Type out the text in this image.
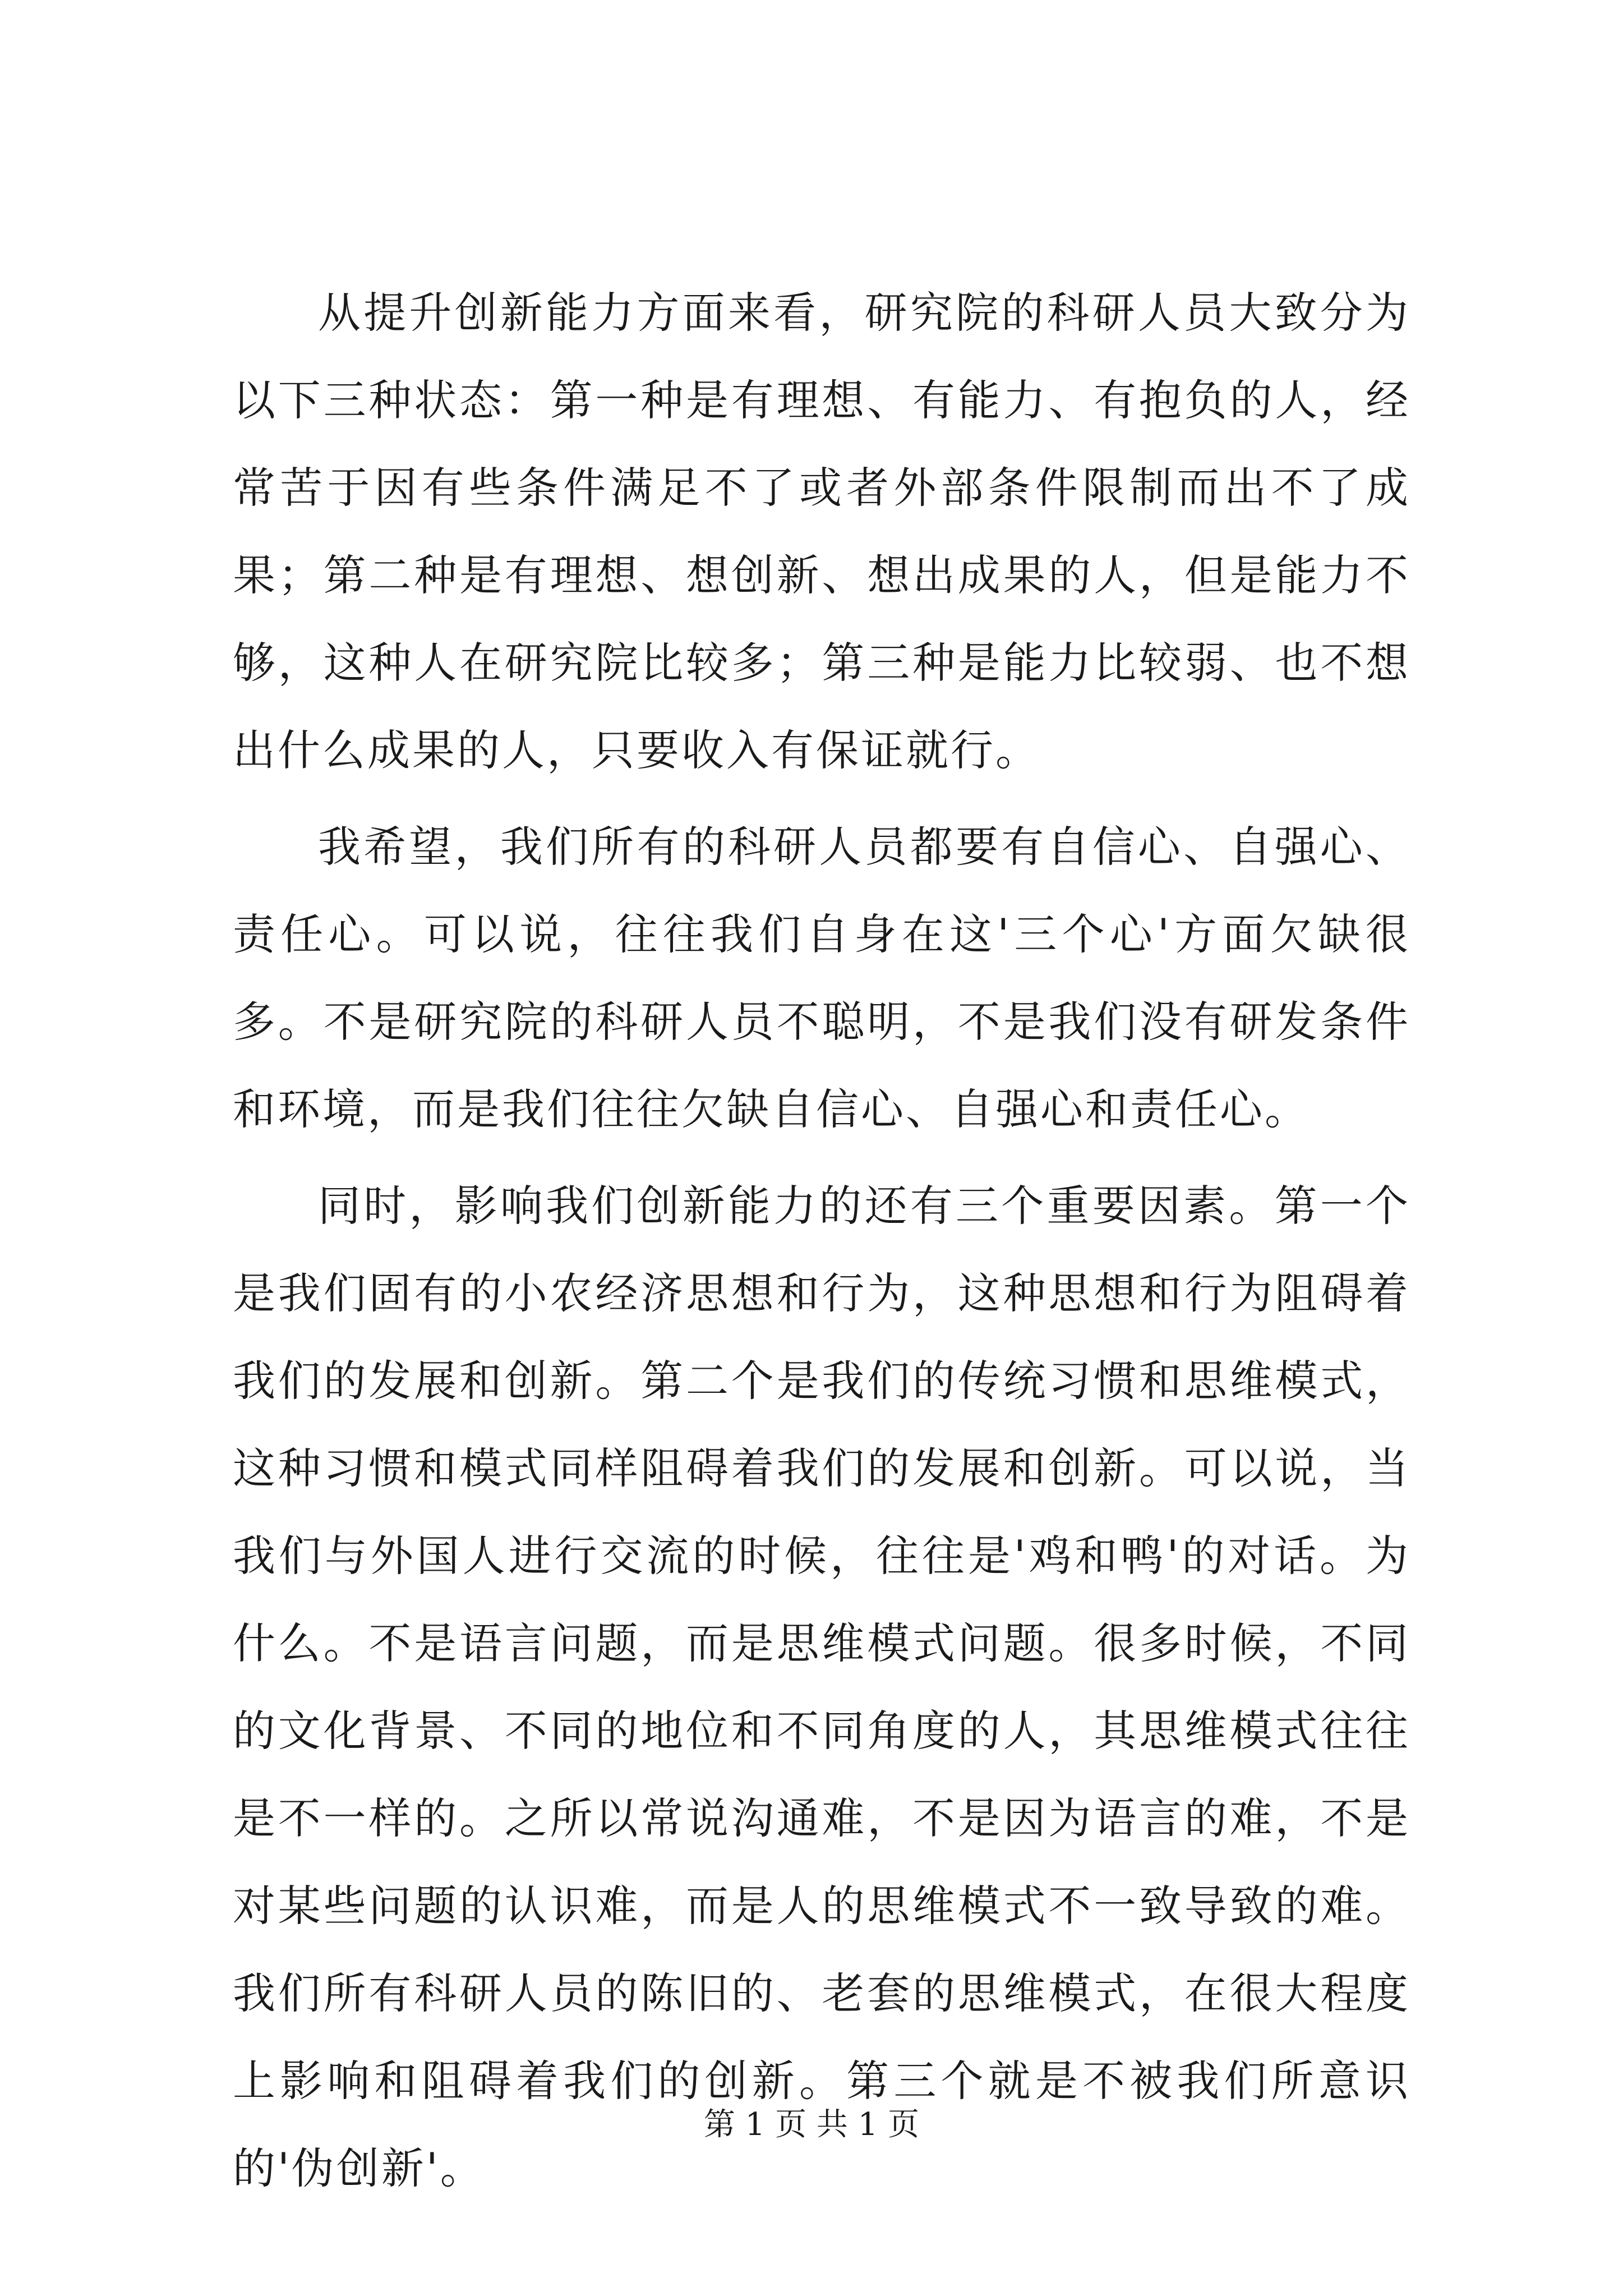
从提升创新能力方面来看，研究院的科研人员大致分为以下三种状态：第一种是有理想、有能力、有抱负的人，经常苦于因有些条件满足不了或者外部条件限制而出不了成果；第二种是有理想、想创新、想出成果的人，但是能力不够，这种人在研究院比较多；第三种是能力比较弱、也不想出什么成果的人，只要收入有保证就行。

我希望，我们所有的科研人员都要有自信心、自强心、责任心。可以说，往往我们自身在这'三个心'方面欠缺很多。不是研究院的科研人员不聪明，不是我们没有研发条件和环境，而是我们往往欠缺自信心、自强心和责任心。

同时，影响我们创新能力的还有三个重要因素。第一个是我们固有的小农经济思想和行为，这种思想和行为阻碍着我们的发展和创新。第二个是我们的传统习惯和思维模式，这种习惯和模式同样阻碍着我们的发展和创新。可以说，当我们与外国人进行交流的时候，往往是'鸡和鸭'的对话。为什么。不是语言问题，而是思维模式问题。很多时候，不同的文化背景、不同的地位和不同角度的人，其思维模式往往是不一样的。之所以常说沟通难，不是因为语言的难，不是对某些问题的认识难，而是人的思维模式不一致导致的难。我们所有科研人员的陈旧的、老套的思维模式，在很大程度上影响和阻碍着我们的创新。第三个就是不被我们所意识的'伪创新'。

第 1 页 共 1 页
